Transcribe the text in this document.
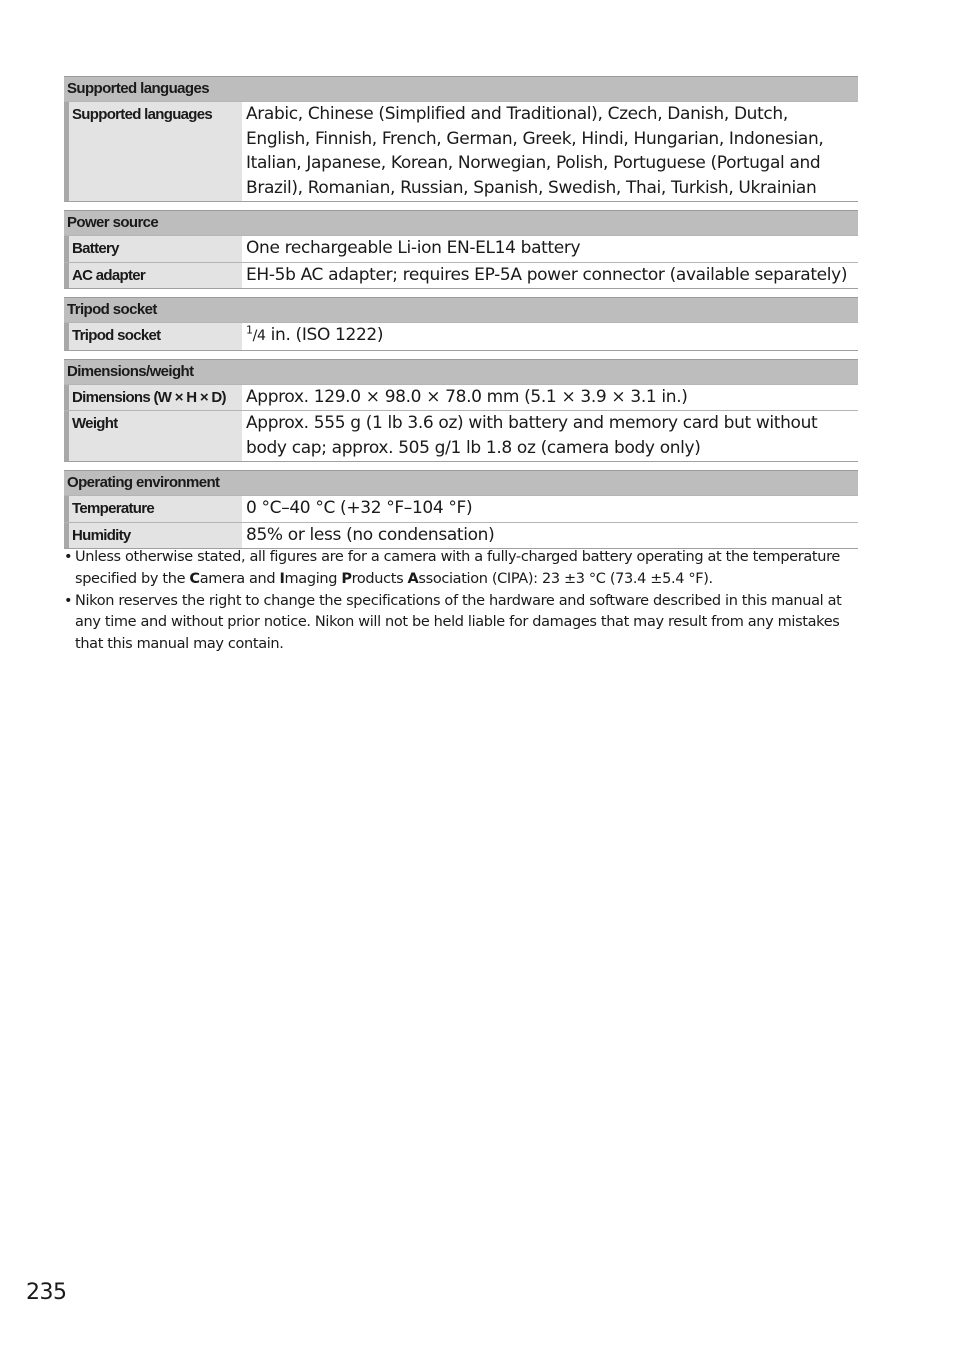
Supported languages
Supported languages	Arabic, Chinese (Simplified and Traditional), Czech, Danish, Dutch, English, Finnish, French, German, Greek, Hindi, Hungarian, Indonesian, Italian, Japanese, Korean, Norwegian, Polish, Portuguese (Portugal and Brazil), Romanian, Russian, Spanish, Swedish, Thai, Turkish, Ukrainian
Power source
Battery	One rechargeable Li-ion EN-EL14 battery
AC adapter	EH-5b AC adapter; requires EP-5A power connector (available separately)
Tripod socket
Tripod socket	$^1$/4 in. (ISO 1222)
Dimensions/weight
Dimensions (W × H × D)	Approx. 129.0 × 98.0 × 78.0 mm (5.1 × 3.9 × 3.1 in.)
Weight	Approx. 555 g (1 lb 3.6 oz) with battery and memory card but without body cap; approx. 505 g/1 lb 1.8 oz (camera body only)
Operating environment
Temperature	0 °C–40 °C (+32 °F–104 °F)
Humidity	85% or less (no condensation)
• Unless otherwise stated, all figures are for a camera with a fully-charged battery operating at the temperature specified by the Camera and Imaging Products Association (CIPA): 23 ±3 °C (73.4 ±5.4 °F).
• Nikon reserves the right to change the specifications of the hardware and software described in this manual at any time and without prior notice. Nikon will not be held liable for damages that may result from any mistakes that this manual may contain.
235
